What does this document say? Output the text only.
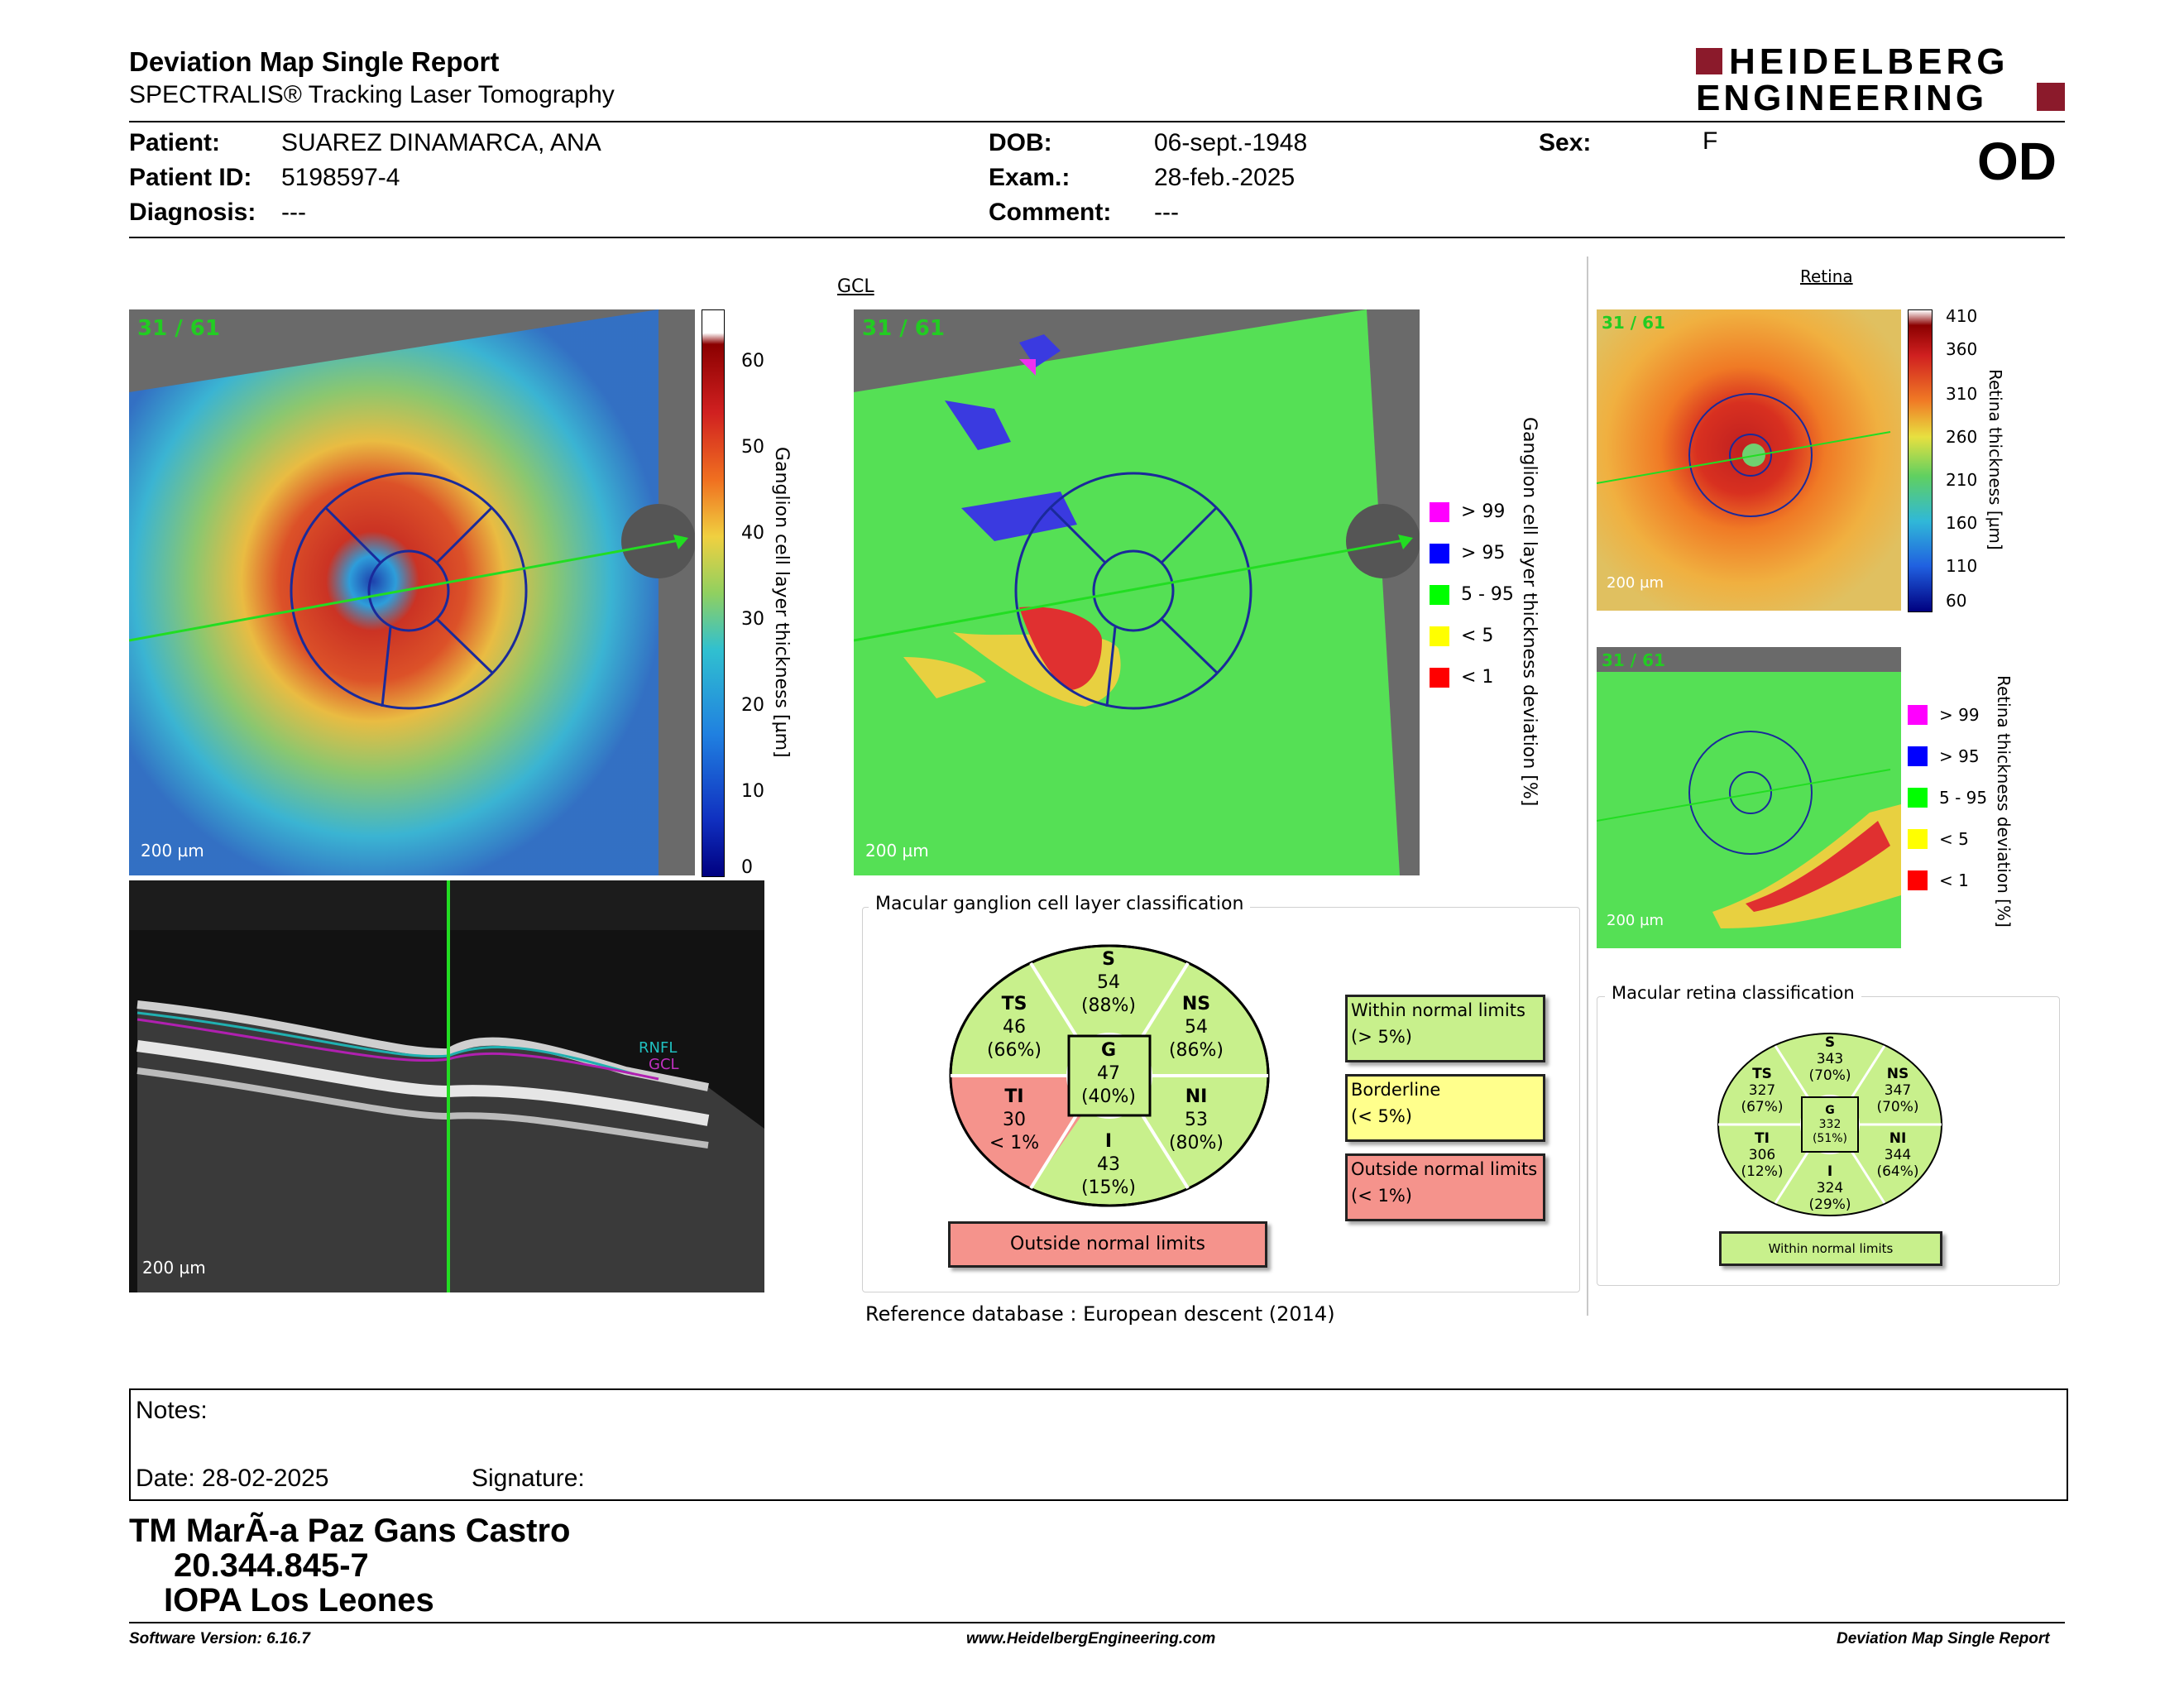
Deviation Map Single Report
SPECTRALIS® Tracking Laser Tomography
HEIDELBERG
ENGINEERING
Patient: SUAREZ DINAMARCA, ANA
Patient ID: 5198597-4
Diagnosis: ---
DOB:	06-sept.-1948
Exam.:	28-feb.-2025
Comment: ---
Sex:	F	OD
31 / 61
200 µm
60
50
40
30
20
10
0
Ganglion cell layer thickness [µm]
RNFL
GCL
200 µm
GCL
31 / 61
200 µm
> 99
> 95
5 - 95
< 5
< 1 Ganglion cell layer thickness deviation [%]
Macular ganglion cell layer classification
S
54
(88%)
TS
46
(66%)
NS
54
(86%)
G
47
(40%)
TI
30
< 1%
NI
53
(80%)
I
43
(15%)
Outside normal limits
Within normal limits
(> 5%)
Borderline
(< 5%)
Outside normal limits
(< 1%)
Reference database : European descent (2014)
Retina
31 / 61
200 µm
410
360
310
260
210
160
110
60
Retina thickness [µm]
31 / 61
200 µm
> 99
> 95
5 - 95
< 5
< 1 Retina thickness deviation [%]
Macular retina classification
S
343
(70%)
TS
327
(67%)
NS
347
(70%)
G
332
(51%)
TI
306
(12%)
NI
344
(64%)
I
324
(29%)
Within normal limits
Notes:
Date: 28-02-2025	Signature:
TM MarÃ-a Paz Gans Castro
20.344.845-7
IOPA Los Leones
Software Version: 6.16.7	www.HeidelbergEngineering.com	Deviation Map Single Report
